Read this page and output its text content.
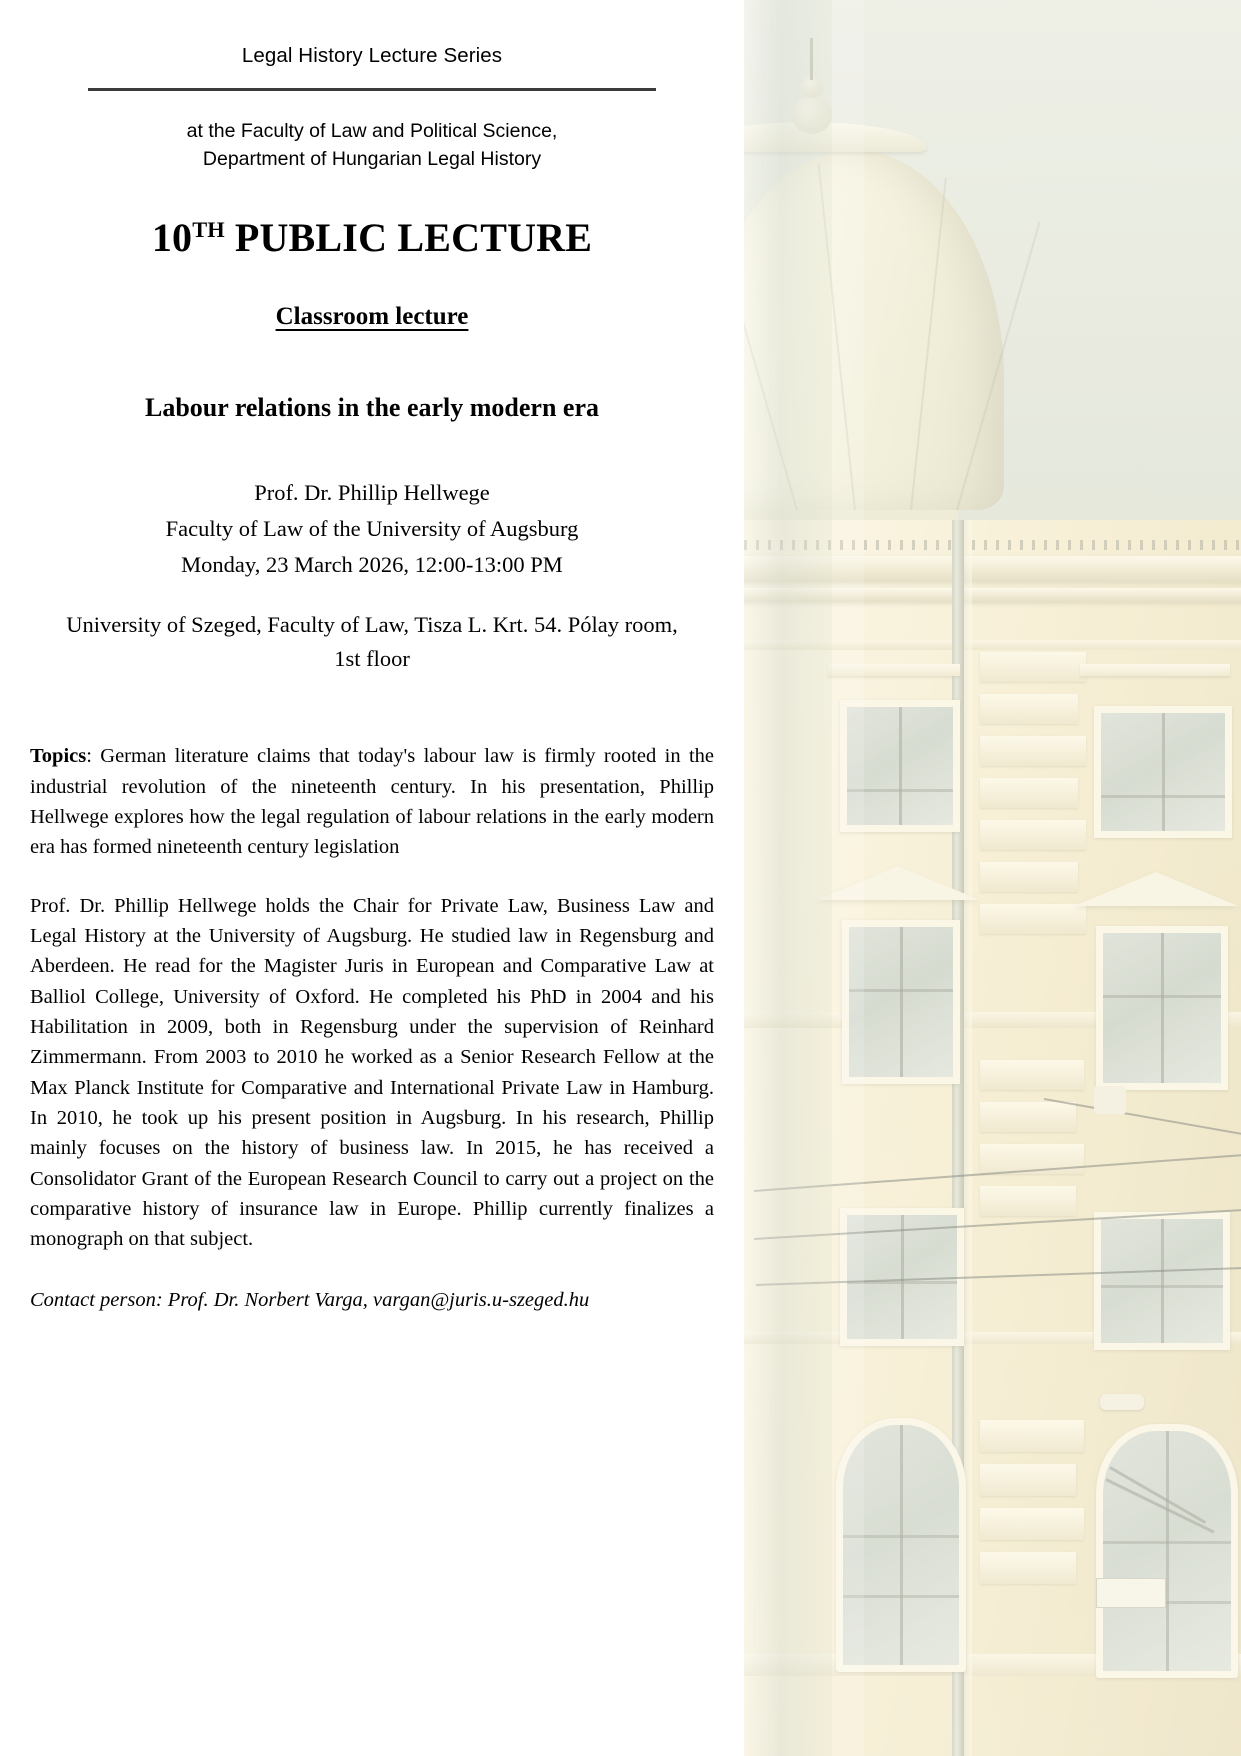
Legal History Lecture Series
at the Faculty of Law and Political Science,
Department of Hungarian Legal History
10TH PUBLIC LECTURE
Classroom lecture
Labour relations in the early modern era
Prof. Dr. Phillip Hellwege
Faculty of Law of the University of Augsburg
Monday, 23 March 2026, 12:00-13:00 PM
University of Szeged, Faculty of Law, Tisza L. Krt. 54. Pólay room, 1st floor

Topics: German literature claims that today's labour law is firmly rooted in the industrial revolution of the nineteenth century. In his presentation, Phillip Hellwege explores how the legal regulation of labour relations in the early modern era has formed nineteenth century legislation

Prof. Dr. Phillip Hellwege holds the Chair for Private Law, Business Law and Legal History at the University of Augsburg. He studied law in Regensburg and Aberdeen. He read for the Magister Juris in European and Comparative Law at Balliol College, University of Oxford. He completed his PhD in 2004 and his Habilitation in 2009, both in Regensburg under the supervision of Reinhard Zimmermann. From 2003 to 2010 he worked as a Senior Research Fellow at the Max Planck Institute for Comparative and International Private Law in Hamburg. In 2010, he took up his present position in Augsburg. In his research, Phillip mainly focuses on the history of business law. In 2015, he has received a Consolidator Grant of the European Research Council to carry out a project on the comparative history of insurance law in Europe. Phillip currently finalizes a monograph on that subject.

Contact person: Prof. Dr. Norbert Varga, vargan@juris.u-szeged.hu
